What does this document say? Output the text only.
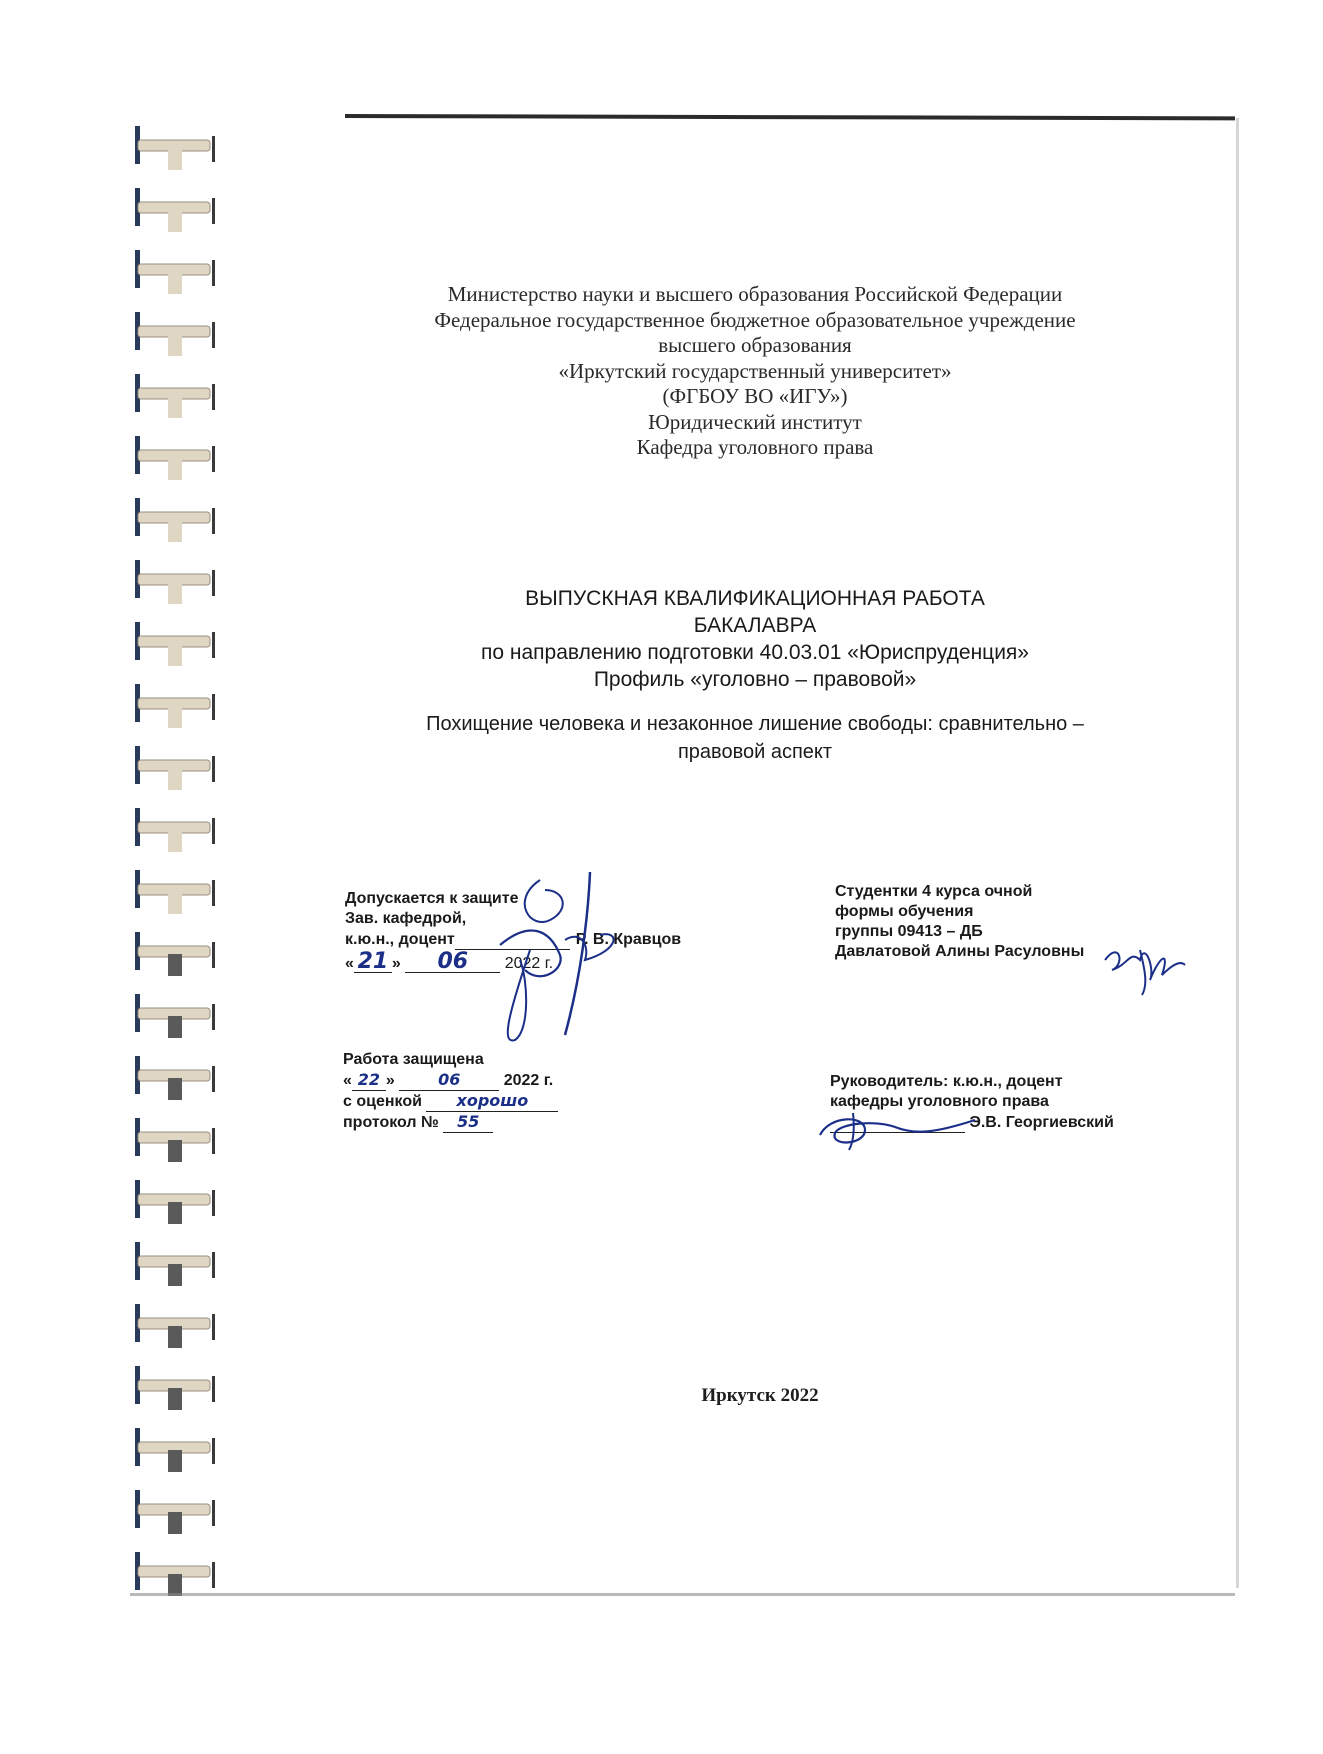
Министерство науки и высшего образования Российской Федерации
Федеральное государственное бюджетное образовательное учреждение
высшего образования
«Иркутский государственный университет»
(ФГБОУ ВО «ИГУ»)
Юридический институт
Кафедра уголовного права
ВЫПУСКНАЯ КВАЛИФИКАЦИОННАЯ РАБОТА
БАКАЛАВРА
по направлению подготовки 40.03.01 «Юриспруденция»
Профиль «уголовно – правовой»
Похищение человека и незаконное лишение свободы: сравнительно –
правовой аспект
Допускается к защите
Зав. кафедрой,
к.ю.н., доцент	Р. В. Кравцов
« 21 » 06 2022 г.
Студентки 4 курса очной
формы обучения
группы 09413 – ДБ
Давлатовой Алины Расуловны
Работа защищена
« 22 » 06	2022 г.
с оценкой хорошо
протокол № 55
Руководитель: к.ю.н., доцент
кафедры уголовного права
Э.В. Георгиевский
Иркутск 2022
